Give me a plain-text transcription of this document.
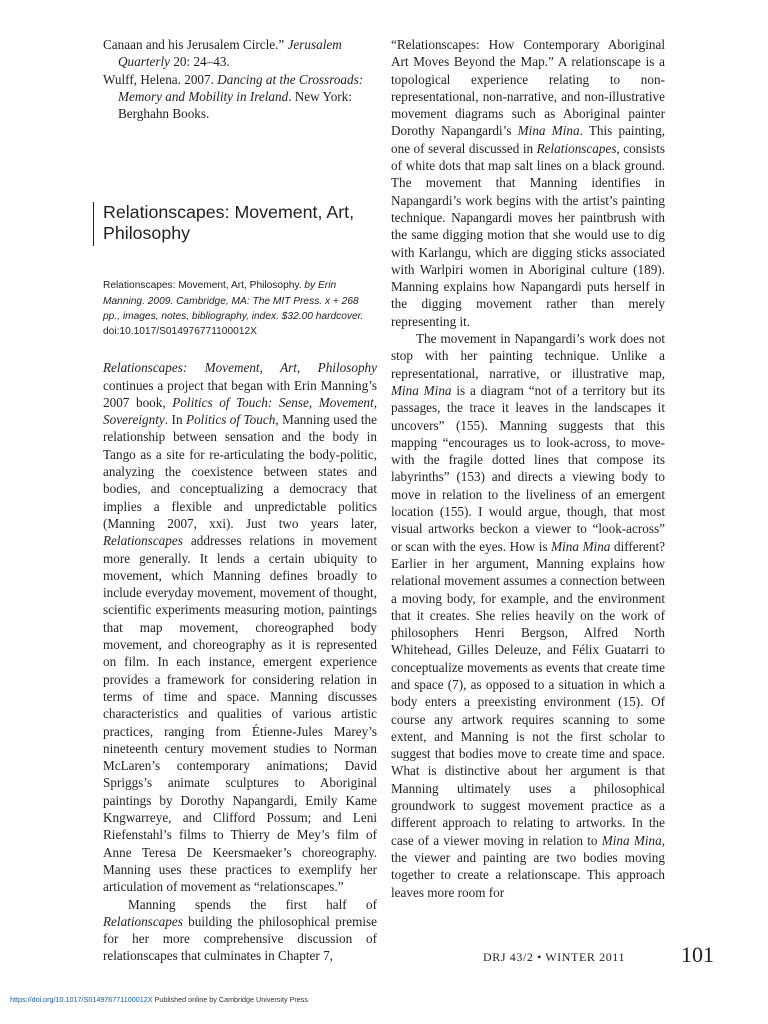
Canaan and his Jerusalem Circle.” Jerusalem Quarterly 20: 24–43.

Wulff, Helena. 2007. Dancing at the Crossroads: Memory and Mobility in Ireland. New York: Berghahn Books.

Relationscapes: Movement, Art, Philosophy

Relationscapes: Movement, Art, Philosophy. by Erin Manning. 2009. Cambridge, MA: The MIT Press. x + 268 pp., images, notes, bibliography, index. $32.00 hardcover.
doi:10.1017/S014976771100012X

Relationscapes: Movement, Art, Philosophy continues a project that began with Erin Manning’s 2007 book, Politics of Touch: Sense, Movement, Sovereignty. In Politics of Touch, Manning used the relationship between sensation and the body in Tango as a site for re-articulating the body-politic, analyzing the coexistence between states and bodies, and conceptualizing a democracy that implies a flexible and unpredictable politics (Manning 2007, xxi). Just two years later, Relationscapes addresses relations in movement more generally. It lends a certain ubiquity to movement, which Manning defines broadly to include everyday movement, movement of thought, scientific experiments measuring motion, paintings that map movement, choreographed body movement, and choreography as it is represented on film. In each instance, emergent experience provides a framework for considering relation in terms of time and space. Manning discusses characteristics and qualities of various artistic practices, ranging from Étienne-Jules Marey’s nineteenth century movement studies to Norman McLaren’s contemporary animations; David Spriggs’s animate sculptures to Aboriginal paintings by Dorothy Napangardi, Emily Kame Kngwarreye, and Clifford Possum; and Leni Riefenstahl’s films to Thierry de Mey’s film of Anne Teresa De Keersmaeker’s choreography. Manning uses these practices to exemplify her articulation of movement as “relationscapes.”

Manning spends the first half of Relationscapes building the philosophical premise for her more comprehensive discussion of relationscapes that culminates in Chapter 7,

“Relationscapes: How Contemporary Aboriginal Art Moves Beyond the Map.” A relationscape is a topological experience relating to non-representational, non-narrative, and non-illustrative movement diagrams such as Aboriginal painter Dorothy Napangardi’s Mina Mina. This painting, one of several discussed in Relationscapes, consists of white dots that map salt lines on a black ground. The movement that Manning identifies in Napangardi’s work begins with the artist’s painting technique. Napangardi moves her paintbrush with the same digging motion that she would use to dig with Karlangu, which are digging sticks associated with Warlpiri women in Aboriginal culture (189). Manning explains how Napangardi puts herself in the digging movement rather than merely representing it.

The movement in Napangardi’s work does not stop with her painting technique. Unlike a representational, narrative, or illustrative map, Mina Mina is a diagram “not of a territory but its passages, the trace it leaves in the landscapes it uncovers” (155). Manning suggests that this mapping “encourages us to look-across, to move-with the fragile dotted lines that compose its labyrinths” (153) and directs a viewing body to move in relation to the liveliness of an emergent location (155). I would argue, though, that most visual artworks beckon a viewer to “look-across” or scan with the eyes. How is Mina Mina different? Earlier in her argument, Manning explains how relational movement assumes a connection between a moving body, for example, and the environment that it creates. She relies heavily on the work of philosophers Henri Bergson, Alfred North Whitehead, Gilles Deleuze, and Félix Guatarri to conceptualize movements as events that create time and space (7), as opposed to a situation in which a body enters a preexisting environment (15). Of course any artwork requires scanning to some extent, and Manning is not the first scholar to suggest that bodies move to create time and space. What is distinctive about her argument is that Manning ultimately uses a philosophical groundwork to suggest movement practice as a different approach to relating to artworks. In the case of a viewer moving in relation to Mina Mina, the viewer and painting are two bodies moving together to create a relationscape. This approach leaves more room for

DRJ 43/2 • WINTER 2011	101
https://doi.org/10.1017/S014976771100012X Published online by Cambridge University Press
